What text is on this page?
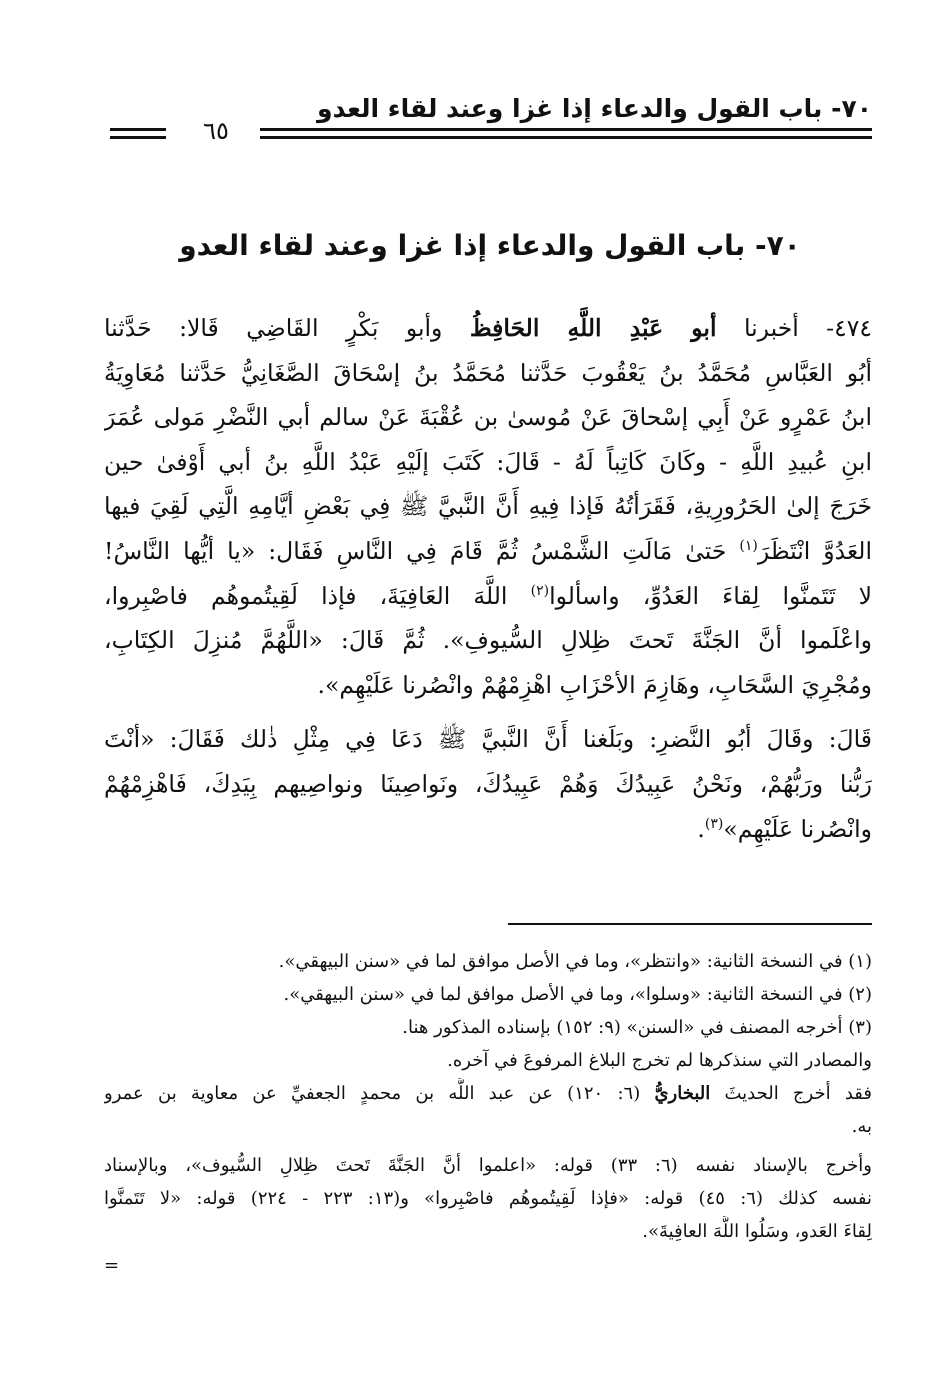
٧٠- باب القول والدعاء إذا غزا وعند لقاء العدو
٦٥
٧٠- باب القول والدعاء إذا غزا وعند لقاء العدو
٤٧٤- أخبرنا أبو عَبْدِ اللَّهِ الحَافِظُ وأبو بَكْرٍ القَاضِي قَالا: حَدَّثنا
أبُو العَبَّاسِ مُحَمَّدُ بنُ يَعْقُوبَ حَدَّثنا مُحَمَّدُ بنُ إسْحَاقَ الصَّغَانِيُّ حَدَّثنا مُعَاوِيَةُ
ابنُ عَمْرٍو عَنْ أَبِي إسْحاقَ عَنْ مُوسىٰ بن عُقْبَةَ عَنْ سالم أبي النَّضْرِ مَولى عُمَرَ
ابنِ عُبيدِ اللَّهِ - وكَانَ كَاتِباً لَهُ - قَالَ: كَتَبَ إلَيْهِ عَبْدُ اللَّهِ بنُ أبي أَوْفىٰ حين
خَرَجَ إلىٰ الحَرُورِيةِ، فَقَرَأتُهُ فَإذا فِيهِ أَنَّ النَّبيَّ ﷺ فِي بَعْضِ أيَّامِهِ الَّتِي لَقِيَ فيها
العَدُوَّ انْتَظَرَ$^{(١)}$ حَتىٰ مَالَتِ الشَّمْسُ ثُمَّ قَامَ فِي النَّاسِ فَقَال: «يا أيُّها النَّاسُ!
لا تَتَمنَّوا لِقاءَ العَدُوِّ، واسألوا$^{(٢)}$ اللَّهَ العَافِيَةَ، فإذا لَقِيتُموهُم فاصْبِروا،
واعْلَموا أنَّ الجَنَّةَ تَحتَ ظِلالِ السُّيوفِ». ثُمَّ قَالَ: «اللَّهُمَّ مُنزِلَ الكِتَابِ،
ومُجْرِيَ السَّحَابِ، وهَازِمَ الأحْزَابِ اهْزِمْهُمْ وانْصُرنا عَلَيْهِم».
قَالَ: وقَالَ أبُو النَّضرِ: وبَلَغنا أَنَّ النَّبيَّ ﷺ دَعَا فِي مِثْلِ ذٰلك فَقَالَ: «أنْتَ
رَبُّنا ورَبُّهُمْ، ونَحْنُ عَبِيدُكَ وَهُمْ عَبِيدُكَ، ونَواصِينَا ونواصِيهم بِيَدِكَ، فَاهْزِمْهُمْ
وانْصُرنا عَلَيْهِم»$^{(٣)}$.
(١) في النسخة الثانية: «وانتظر»، وما في الأصل موافق لما في «سنن البيهقي».
(٢) في النسخة الثانية: «وسلوا»، وما في الأصل موافق لما في «سنن البيهقي».
(٣) أخرجه المصنف في «السنن» (٩: ١٥٢) بإسناده المذكور هنا.
والمصادر التي سنذكرها لم تخرج البلاغ المرفوعَ في آخره.
فقد أخرج الحديثَ البخاريُّ (٦: ١٢٠) عن عبد اللَّه بن محمدٍ الجعفيِّ عن معاوية بن عمرو
به.
وأخرج بالإسناد نفسه (٦: ٣٣) قوله: «اعلموا أنَّ الجَنَّةَ تَحتَ ظِلالِ السُّيوف»، وبالإسناد
نفسه كذلك (٦: ٤٥) قوله: «فإذا لَقِيتُموهُم فاصْبِروا» و(١٣: ٢٢٣ - ٢٢٤) قوله: «لا تَتَمنَّوا
لِقاءَ العَدو، وسَلُوا اللَّهَ العافِيةَ».
=
